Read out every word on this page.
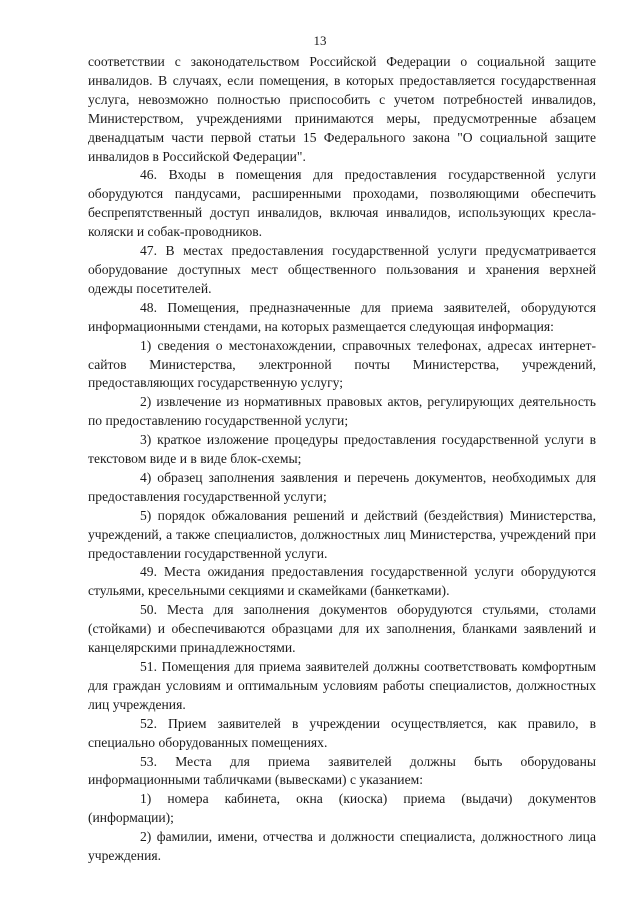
13

соответствии с законодательством Российской Федерации о социальной защите инвалидов. В случаях, если помещения, в которых предоставляется государственная услуга, невозможно полностью приспособить с учетом потребностей инвалидов, Министерством, учреждениями принимаются меры, предусмотренные абзацем двенадцатым части первой статьи 15 Федерального закона "О социальной защите инвалидов в Российской Федерации".

46. Входы в помещения для предоставления государственной услуги оборудуются пандусами, расширенными проходами, позволяющими обеспечить беспрепятственный доступ инвалидов, включая инвалидов, использующих кресла-коляски и собак-проводников.

47. В местах предоставления государственной услуги предусматривается оборудование доступных мест общественного пользования и хранения верхней одежды посетителей.

48. Помещения, предназначенные для приема заявителей, оборудуются информационными стендами, на которых размещается следующая информация:

1) сведения о местонахождении, справочных телефонах, адресах интернет-сайтов Министерства, электронной почты Министерства, учреждений, предоставляющих государственную услугу;

2) извлечение из нормативных правовых актов, регулирующих деятельность по предоставлению государственной услуги;

3) краткое изложение процедуры предоставления государственной услуги в текстовом виде и в виде блок-схемы;

4) образец заполнения заявления и перечень документов, необходимых для предоставления государственной услуги;

5) порядок обжалования решений и действий (бездействия) Министерства, учреждений, а также специалистов, должностных лиц Министерства, учреждений при предоставлении государственной услуги.

49. Места ожидания предоставления государственной услуги оборудуются стульями, кресельными секциями и скамейками (банкетками).

50. Места для заполнения документов оборудуются стульями, столами (стойками) и обеспечиваются образцами для их заполнения, бланками заявлений и канцелярскими принадлежностями.

51. Помещения для приема заявителей должны соответствовать комфортным для граждан условиям и оптимальным условиям работы специалистов, должностных лиц учреждения.

52. Прием заявителей в учреждении осуществляется, как правило, в специально оборудованных помещениях.

53. Места для приема заявителей должны быть оборудованы информационными табличками (вывесками) с указанием:

1) номера кабинета, окна (киоска) приема (выдачи) документов (информации);

2) фамилии, имени, отчества и должности специалиста, должностного лица учреждения.
